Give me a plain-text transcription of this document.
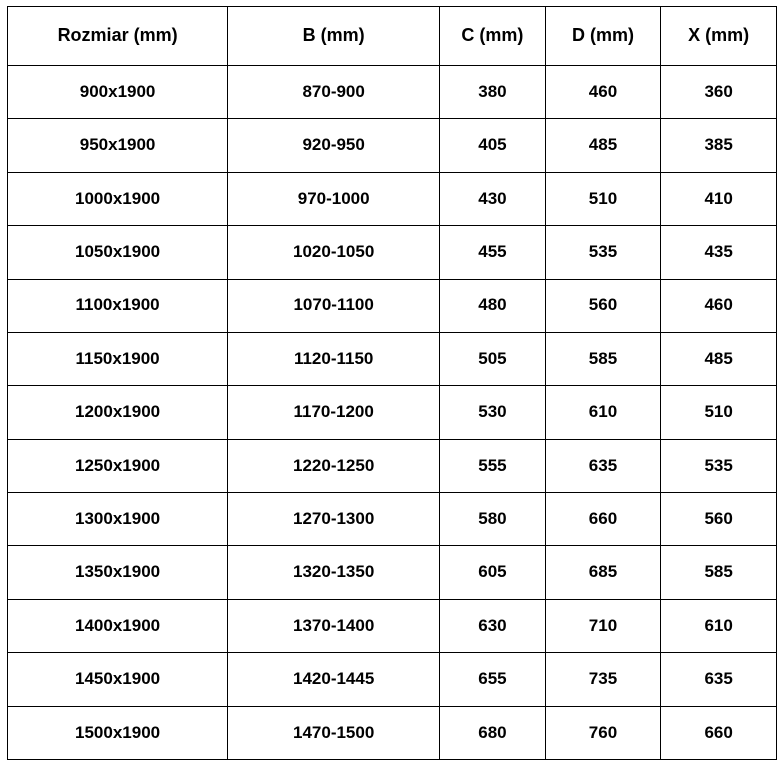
Rozmiar (mm)	B (mm)	C (mm)	D (mm)	X (mm)
900x1900	870-900	380	460	360
950x1900	920-950	405	485	385
1000x1900	970-1000	430	510	410
1050x1900	1020-1050	455	535	435
1100x1900	1070-1100	480	560	460
1150x1900	1120-1150	505	585	485
1200x1900	1170-1200	530	610	510
1250x1900	1220-1250	555	635	535
1300x1900	1270-1300	580	660	560
1350x1900	1320-1350	605	685	585
1400x1900	1370-1400	630	710	610
1450x1900	1420-1445	655	735	635
1500x1900	1470-1500	680	760	660
